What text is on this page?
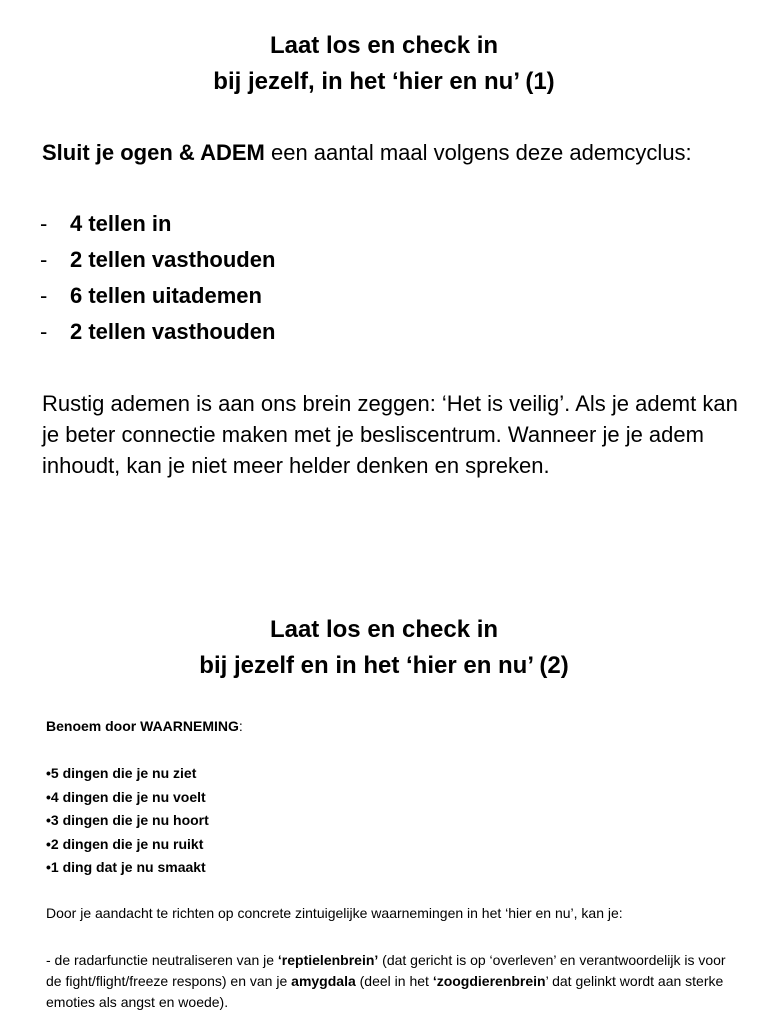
Laat los en check in
bij jezelf, in het ‘hier en nu’ (1)
Sluit je ogen & ADEM een aantal maal volgens deze ademcyclus:
- 4 tellen in
- 2 tellen vasthouden
- 6 tellen uitademen
- 2 tellen vasthouden

Rustig ademen is aan ons brein zeggen: ‘Het is veilig’. Als je ademt kan je beter connectie maken met je besliscentrum. Wanneer je je adem inhoudt, kan je niet meer helder denken en spreken.

Laat los en check in
bij jezelf en in het ‘hier en nu’ (2)
Benoem door WAARNEMING:
•5 dingen die je nu ziet
•4 dingen die je nu voelt
•3 dingen die je nu hoort
•2 dingen die je nu ruikt
•1 ding dat je nu smaakt
Door je aandacht te richten op concrete zintuigelijke waarnemingen in het ‘hier en nu’, kan je:
- de radarfunctie neutraliseren van je ‘reptielenbrein’ (dat gericht is op ‘overleven’ en verantwoordelijk is voor de fight/flight/freeze respons) en van je amygdala (deel in het ‘zoogdierenbrein’ dat gelinkt wordt aan sterke emoties als angst en woede).
